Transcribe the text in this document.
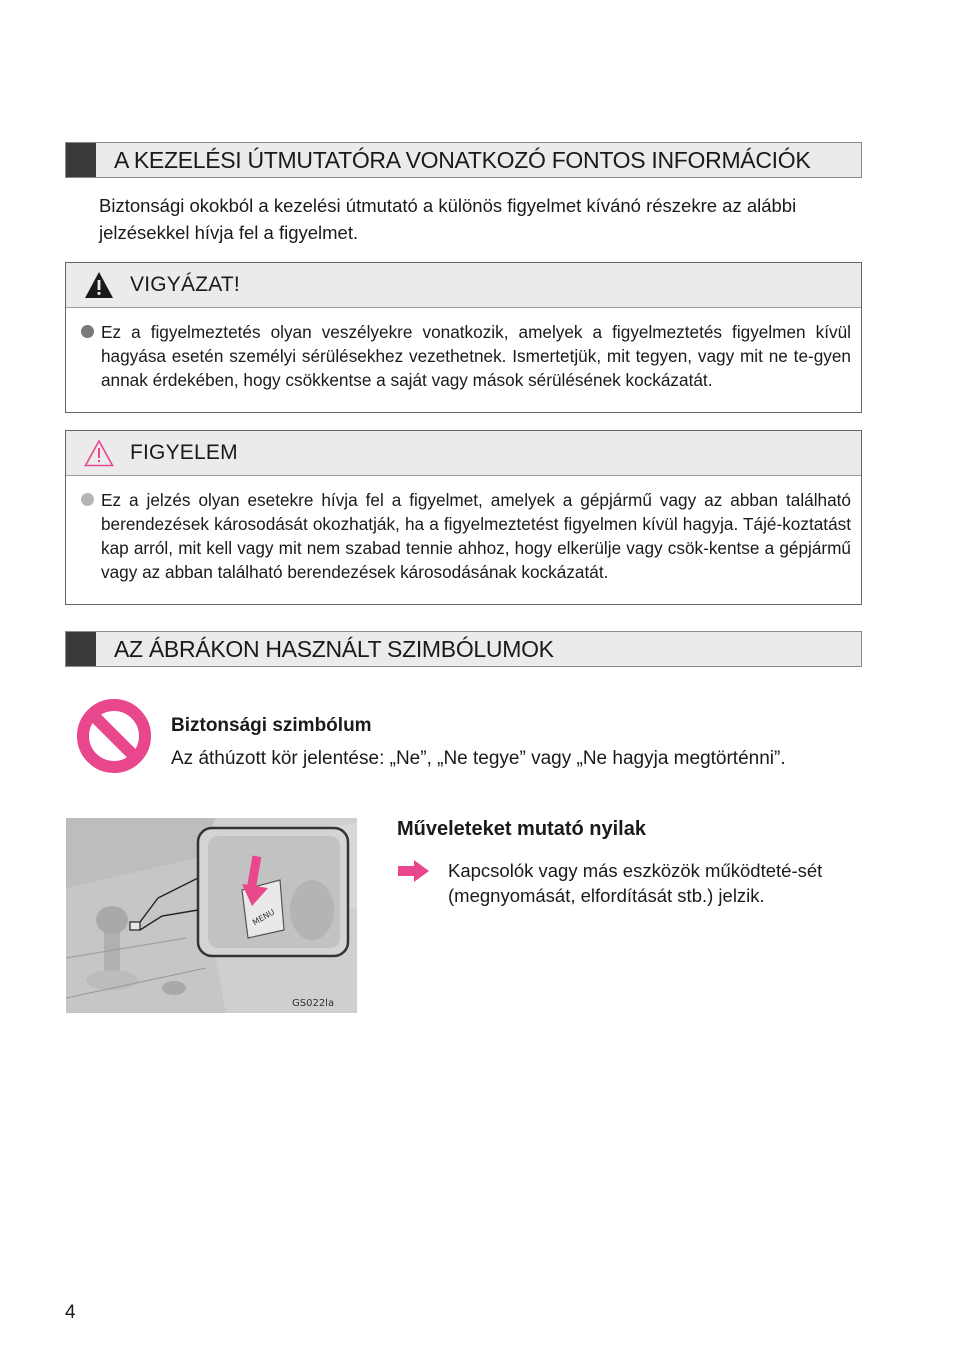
A KEZELÉSI ÚTMUTATÓRA VONATKOZÓ FONTOS INFORMÁCIÓK
Biztonsági okokból a kezelési útmutató a különös figyelmet kívánó részekre az alábbi jelzésekkel hívja fel a figyelmet.
VIGYÁZAT!
Ez a figyelmeztetés olyan veszélyekre vonatkozik, amelyek a figyelmeztetés figyelmen kívül hagyása esetén személyi sérülésekhez vezethetnek. Ismertetjük, mit tegyen, vagy mit ne te-gyen annak érdekében, hogy csökkentse a saját vagy mások sérülésének kockázatát.
FIGYELEM
Ez a jelzés olyan esetekre hívja fel a figyelmet, amelyek a gépjármű vagy az abban található berendezések károsodását okozhatják, ha a figyelmeztetést figyelmen kívül hagyja. Tájé-koztatást kap arról, mit kell vagy mit nem szabad tennie ahhoz, hogy elkerülje vagy csök-kentse a gépjármű vagy az abban található berendezések károsodásának kockázatát.
AZ ÁBRÁKON HASZNÁLT SZIMBÓLUMOK
Biztonsági szimbólum
Az áthúzott kör jelentése: „Ne”, „Ne tegye” vagy „Ne hagyja megtörténni”.
MENU
GS022la
Műveleteket mutató nyilak
Kapcsolók vagy más eszközök működteté-sét (megnyomását, elfordítását stb.) jelzik.
4
